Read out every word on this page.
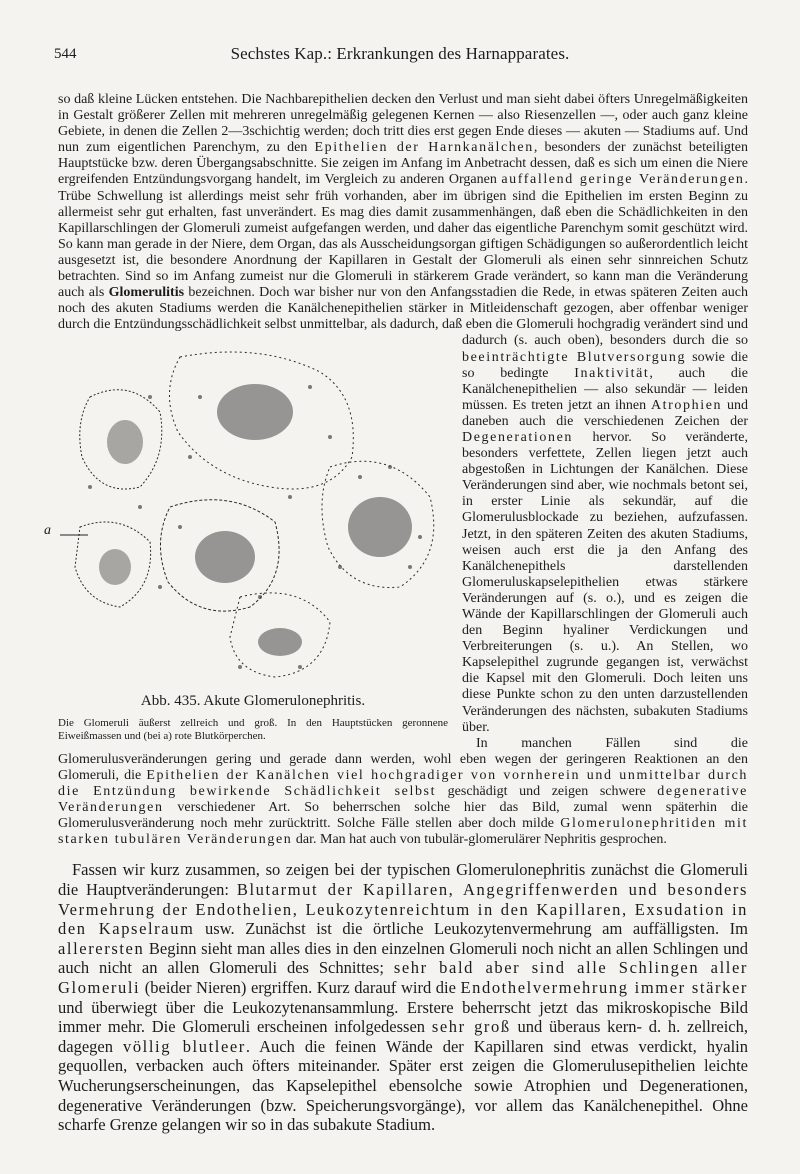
544	Sechstes Kap.: Erkrankungen des Harnapparates.

so daß kleine Lücken entstehen. Die Nachbarepithelien decken den Verlust und man sieht dabei öfters Unregelmäßigkeiten in Gestalt größerer Zellen mit mehreren unregelmäßig gelegenen Kernen — also Riesenzellen —, oder auch ganz kleine Gebiete, in denen die Zellen 2—3schichtig werden; doch tritt dies erst gegen Ende dieses — akuten — Stadiums auf. Und nun zum eigentlichen Parenchym, zu den Epithelien der Harnkanälchen, besonders der zunächst beteiligten Hauptstücke bzw. deren Übergangsabschnitte. Sie zeigen im Anfang im Anbetracht dessen, daß es sich um einen die Niere ergreifenden Entzündungsvorgang handelt, im Vergleich zu anderen Organen auffallend geringe Veränderungen. Trübe Schwellung ist allerdings meist sehr früh vorhanden, aber im übrigen sind die Epithelien im ersten Beginn zu allermeist sehr gut erhalten, fast unverändert. Es mag dies damit zusammenhängen, daß eben die Schädlichkeiten in den Kapillarschlingen der Glomeruli zumeist aufgefangen werden, und daher das eigentliche Parenchym somit geschützt wird. So kann man gerade in der Niere, dem Organ, das als Ausscheidungsorgan giftigen Schädigungen so außerordentlich leicht ausgesetzt ist, die besondere Anordnung der Kapillaren in Gestalt der Glomeruli als einen sehr sinnreichen Schutz betrachten. Sind so im Anfang zumeist nur die Glomeruli in stärkerem Grade verändert, so kann man die Veränderung auch als Glomerulitis bezeichnen. Doch war bisher nur von den Anfangsstadien die Rede, in etwas späteren Zeiten auch noch des akuten Stadiums werden die Kanälchenepithelien stärker in Mitleidenschaft gezogen, aber offenbar weniger durch die Entzündungsschädlichkeit selbst unmittelbar, als dadurch, daß eben die Glomeruli hochgradig verändert sind und dadurch (s. auch oben), besonders durch die so
a
Abb. 435. Akute Glomerulonephritis.
Die Glomeruli äußerst zellreich und groß. In den Hauptstücken geronnene Eiweißmassen und (bei a) rote Blutkörperchen.
beeinträchtigte Blutversorgung sowie die so bedingte Inaktivität, auch die Kanälchenepithelien — also sekundär — leiden müssen. Es treten jetzt an ihnen Atrophien und daneben auch die verschiedenen Zeichen der Degenerationen hervor. So veränderte, besonders verfettete, Zellen liegen jetzt auch abgestoßen in Lichtungen der Kanälchen. Diese Veränderungen sind aber, wie nochmals betont sei, in erster Linie als sekundär, auf die Glomerulusblockade zu beziehen, aufzufassen. Jetzt, in den späteren Zeiten des akuten Stadiums, weisen auch erst die ja den Anfang des Kanälchenepithels darstellenden Glomeruluskapselepithelien etwas stärkere Veränderungen auf (s. o.), und es zeigen die Wände der Kapillarschlingen der Glomeruli auch den Beginn hyaliner Verdickungen und Verbreiterungen (s. u.). An Stellen, wo Kapselepithel zugrunde gegangen ist, verwächst die Kapsel mit den Glomeruli. Doch leiten uns diese Punkte schon zu den unten darzustellenden Veränderungen des nächsten, subakuten Stadiums über.

In manchen Fällen sind die Glomerulusveränderungen gering und gerade dann werden, wohl eben wegen der geringeren Reaktionen an den Glomeruli, die Epithelien der Kanälchen viel hochgradiger von vornherein und unmittelbar durch die Entzündung bewirkende Schädlichkeit selbst geschädigt und zeigen schwere degenerative Veränderungen verschiedener Art. So beherrschen solche hier das Bild, zumal wenn späterhin die Glomerulusveränderung noch mehr zurücktritt. Solche Fälle stellen aber doch milde Glomerulonephritiden mit starken tubulären Veränderungen dar. Man hat auch von tubulär-glomerulärer Nephritis gesprochen.

Fassen wir kurz zusammen, so zeigen bei der typischen Glomerulonephritis zunächst die Glomeruli die Hauptveränderungen: Blutarmut der Kapillaren, Angegriffenwerden und besonders Vermehrung der Endothelien, Leukozytenreichtum in den Kapillaren, Exsudation in den Kapselraum usw. Zunächst ist die örtliche Leukozytenvermehrung am auffälligsten. Im allerersten Beginn sieht man alles dies in den einzelnen Glomeruli noch nicht an allen Schlingen und auch nicht an allen Glomeruli des Schnittes; sehr bald aber sind alle Schlingen aller Glomeruli (beider Nieren) ergriffen. Kurz darauf wird die Endothelvermehrung immer stärker und überwiegt über die Leukozytenansammlung. Erstere beherrscht jetzt das mikroskopische Bild immer mehr. Die Glomeruli erscheinen infolgedessen sehr groß und überaus kern- d. h. zellreich, dagegen völlig blutleer. Auch die feinen Wände der Kapillaren sind etwas verdickt, hyalin gequollen, verbacken auch öfters miteinander. Später erst zeigen die Glomerulusepithelien leichte Wucherungserscheinungen, das Kapselepithel ebensolche sowie Atrophien und Degenerationen, degenerative Veränderungen (bzw. Speicherungsvorgänge), vor allem das Kanälchenepithel. Ohne scharfe Grenze gelangen wir so in das subakute Stadium.
